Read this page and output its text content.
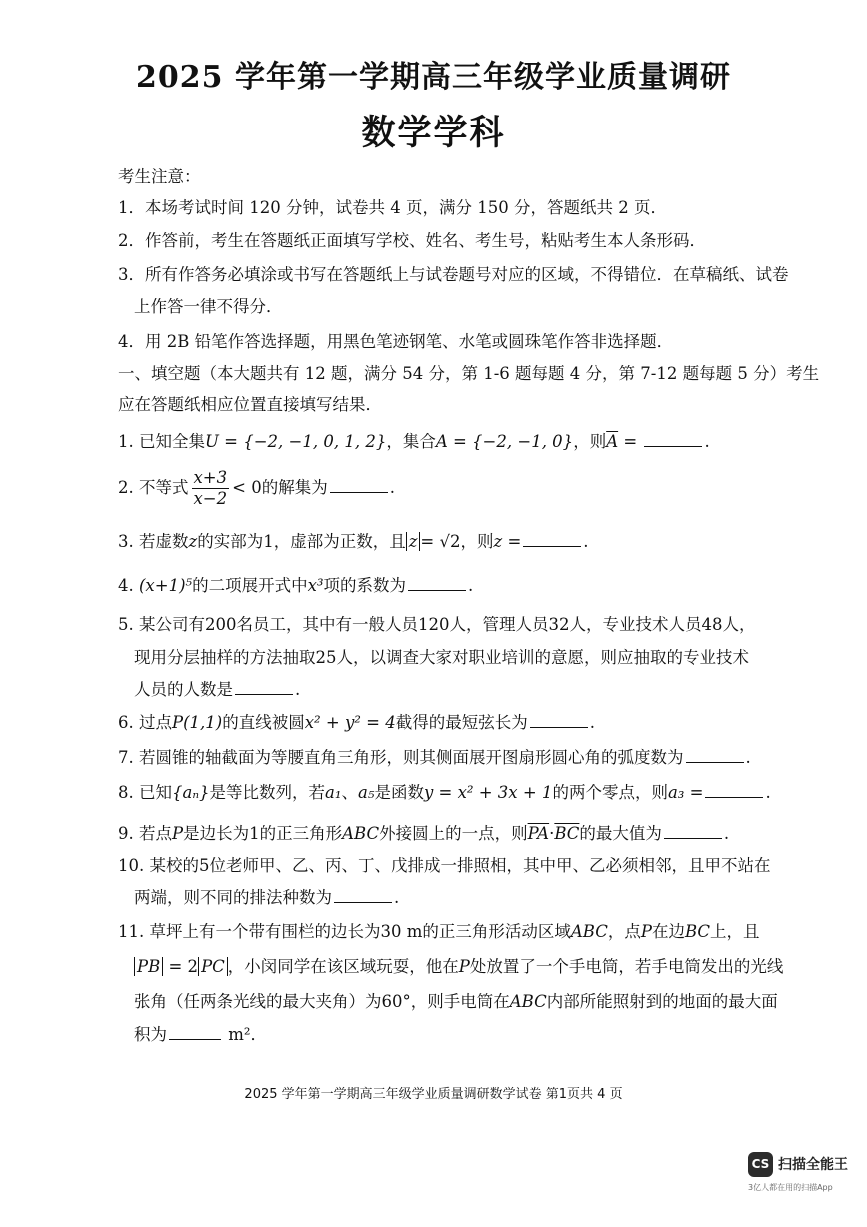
2025 学年第一学期高三年级学业质量调研
数学学科
考生注意：
1．本场考试时间 120 分钟，试卷共 4 页，满分 150 分，答题纸共 2 页．
2．作答前，考生在答题纸正面填写学校、姓名、考生号，粘贴考生本人条形码．
3．所有作答务必填涂或书写在答题纸上与试卷题号对应的区域，不得错位．在草稿纸、试卷
上作答一律不得分．
4．用 2B 铅笔作答选择题，用黑色笔迹钢笔、水笔或圆珠笔作答非选择题．
一、填空题（本大题共有 12 题，满分 54 分，第 1-6 题每题 4 分，第 7-12 题每题 5 分）考生
应在答题纸相应位置直接填写结果．
1. 已知全集U = {−2, −1, 0, 1, 2}，集合A = {−2, −1, 0}，则$\overline{A}$ =	.
2. 不等式 $\frac{x+3}{x-2} < 0$的解集为	.
3. 若虚数z的实部为1，虚部为正数，且 z = √2，则z =	.
4. (x+1)⁵的二项展开式中x³项的系数为	.
5. 某公司有200名员工，其中有一般人员120人，管理人员32人，专业技术人员48人，
现用分层抽样的方法抽取25人，以调查大家对职业培训的意愿，则应抽取的专业技术
人员的人数是	.
6. 过点P(1,1)的直线被圆x² + y² = 4截得的最短弦长为	.
7. 若圆锥的轴截面为等腰直角三角形，则其侧面展开图扇形圆心角的弧度数为	.
8. 已知{aₙ}是等比数列，若a₁、a₅是函数y = x² + 3x + 1的两个零点，则a₃ =	.
9. 若点P是边长为1的正三角形ABC外接圆上的一点，则$\overline{PA}\cdot\overline{BC}$的最大值为	.
10. 某校的5位老师甲、乙、丙、丁、戊排成一排照相，其中甲、乙必须相邻，且甲不站在
两端，则不同的排法种数为	.
11. 草坪上有一个带有围栏的边长为30 m的正三角形活动区域ABC，点P在边BC上，且
PB = 2 PC ，小闵同学在该区域玩耍，他在P处放置了一个手电筒，若手电筒发出的光线
张角（任两条光线的最大夹角）为60°，则手电筒在ABC内部所能照射到的地面的最大面
积为	m²．
2025 学年第一学期高三年级学业质量调研数学试卷 第1页共 4 页
CS 扫描全能王
3亿人都在用的扫描App
